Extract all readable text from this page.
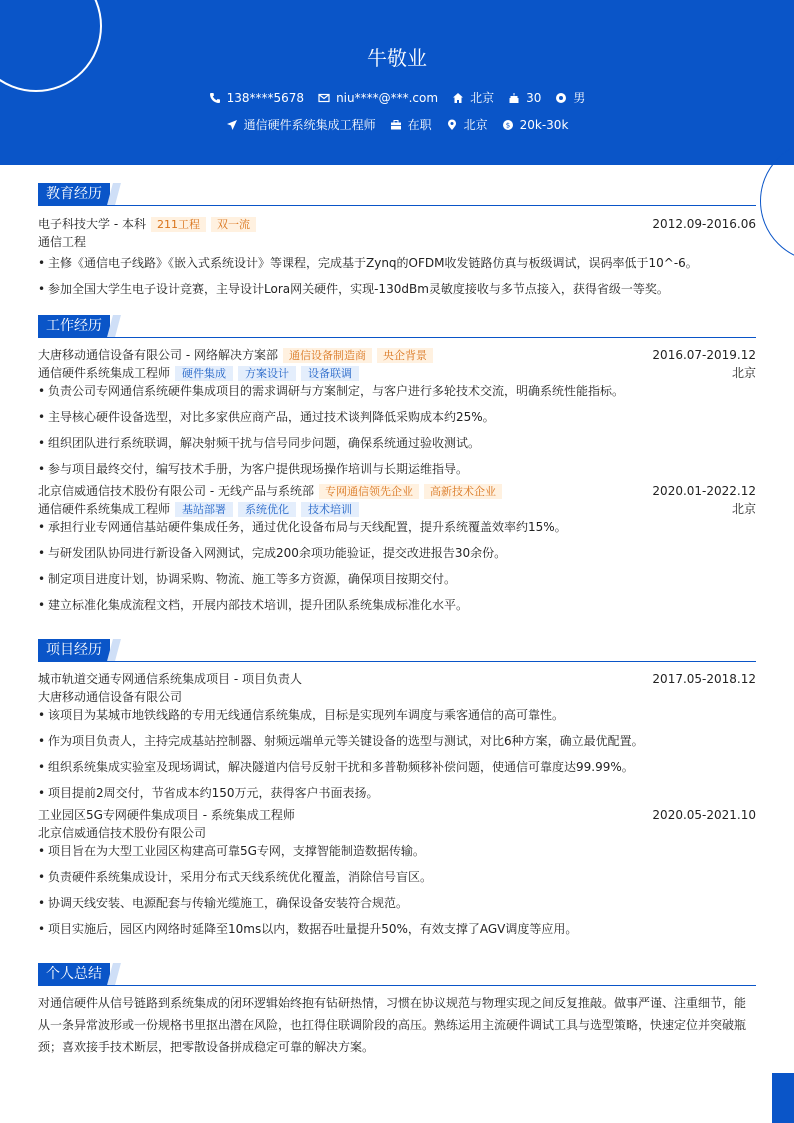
牛敬业
138****5678	niu****@***.com	北京	30	男
通信硬件系统集成工程师	在职	北京	$ 20k-30k
教育经历
电子科技大学 - 本科	211工程	双一流	2012.09-2016.06
通信工程
• 主修《通信电子线路》《嵌入式系统设计》等课程，完成基于Zynq的OFDM收发链路仿真与板级调试，误码率低于10^-6。
• 参加全国大学生电子设计竞赛，主导设计Lora网关硬件，实现-130dBm灵敏度接收与多节点接入，获得省级一等奖。
工作经历
大唐移动通信设备有限公司 - 网络解决方案部	通信设备制造商	央企背景	2016.07-2019.12
通信硬件系统集成工程师	硬件集成	方案设计	设备联调	北京
• 负责公司专网通信系统硬件集成项目的需求调研与方案制定，与客户进行多轮技术交流，明确系统性能指标。
• 主导核心硬件设备选型，对比多家供应商产品，通过技术谈判降低采购成本约25%。
• 组织团队进行系统联调，解决射频干扰与信号同步问题，确保系统通过验收测试。
• 参与项目最终交付，编写技术手册，为客户提供现场操作培训与长期运维指导。
北京信威通信技术股份有限公司 - 无线产品与系统部	专网通信领先企业	高新技术企业	2020.01-2022.12
通信硬件系统集成工程师	基站部署	系统优化	技术培训	北京
• 承担行业专网通信基站硬件集成任务，通过优化设备布局与天线配置，提升系统覆盖效率约15%。
• 与研发团队协同进行新设备入网测试，完成200余项功能验证，提交改进报告30余份。
• 制定项目进度计划，协调采购、物流、施工等多方资源，确保项目按期交付。
• 建立标准化集成流程文档，开展内部技术培训，提升团队系统集成标准化水平。
项目经历
城市轨道交通专网通信系统集成项目 - 项目负责人	2017.05-2018.12
大唐移动通信设备有限公司
• 该项目为某城市地铁线路的专用无线通信系统集成，目标是实现列车调度与乘客通信的高可靠性。
• 作为项目负责人，主持完成基站控制器、射频远端单元等关键设备的选型与测试，对比6种方案，确立最优配置。
• 组织系统集成实验室及现场调试，解决隧道内信号反射干扰和多普勒频移补偿问题，使通信可靠度达99.99%。
• 项目提前2周交付，节省成本约150万元，获得客户书面表扬。
工业园区5G专网硬件集成项目 - 系统集成工程师	2020.05-2021.10
北京信威通信技术股份有限公司
• 项目旨在为大型工业园区构建高可靠5G专网，支撑智能制造数据传输。
• 负责硬件系统集成设计，采用分布式天线系统优化覆盖，消除信号盲区。
• 协调天线安装、电源配套与传输光缆施工，确保设备安装符合规范。
• 项目实施后，园区内网络时延降至10ms以内，数据吞吐量提升50%，有效支撑了AGV调度等应用。
个人总结
对通信硬件从信号链路到系统集成的闭环逻辑始终抱有钻研热情，习惯在协议规范与物理实现之间反复推敲。做事严谨、注重细节，能从一条异常波形或一份规格书里抠出潜在风险，也扛得住联调阶段的高压。熟练运用主流硬件调试工具与选型策略，快速定位并突破瓶颈；喜欢接手技术断层，把零散设备拼成稳定可靠的解决方案。
